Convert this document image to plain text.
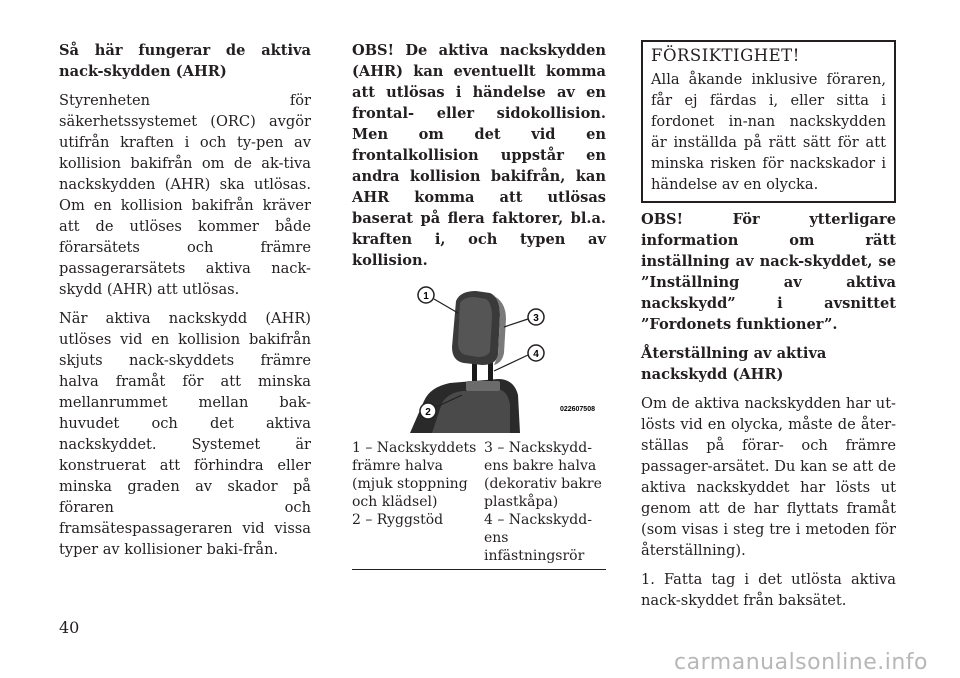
Så här fungerar de aktiva nack-skydden (AHR)

Styrenheten för säkerhetssystemet (ORC) avgör utifrån kraften i och ty-pen av kollision bakifrån om de ak-tiva nackskydden (AHR) ska utlösas. Om en kollision bakifrån kräver att de utlöses kommer både förarsätets och främre passagerarsätets aktiva nack-skydd (AHR) att utlösas.

När aktiva nackskydd (AHR) utlöses vid en kollision bakifrån skjuts nack-skyddets främre halva framåt för att minska mellanrummet mellan bak-huvudet och det aktiva nackskyddet. Systemet är konstruerat att förhindra eller minska graden av skador på föraren och framsätespassageraren vid vissa typer av kollisioner baki-från.

OBS! De aktiva nackskydden (AHR) kan eventuellt komma att utlösas i händelse av en frontal- eller sidokollision. Men om det vid en frontalkollision uppstår en andra kollision bakifrån, kan AHR komma att utlösas baserat på flera faktorer, bl.a. kraften i, och typen av kollision.

1
2
3
4
022607508
1 – Nackskyddets främre halva (mjuk stoppning och klädsel)
3 – Nackskydd-ens bakre halva (dekorativ bakre plastkåpa)
2 – Ryggstöd	4 – Nackskydd-ens infästningsrör
FÖRSIKTIGHET!
Alla åkande inklusive föraren, får ej färdas i, eller sitta i fordonet in-nan nackskydden är inställda på rätt sätt för att minska risken för nackskador i händelse av en olycka.

OBS! För ytterligare information om rätt inställning av nack-skyddet, se ”Inställning av aktiva nackskydd” i avsnittet ”Fordonets funktioner”.

Återställning av aktiva nackskydd (AHR)

Om de aktiva nackskydden har ut-lösts vid en olycka, måste de åter-ställas på förar- och främre passager-arsätet. Du kan se att de aktiva nackskyddet har lösts ut genom att de har flyttats framåt (som visas i steg tre i metoden för återställning).

1. Fatta tag i det utlösta aktiva nack-skyddet från baksätet.

40
carmanualsonline.info
